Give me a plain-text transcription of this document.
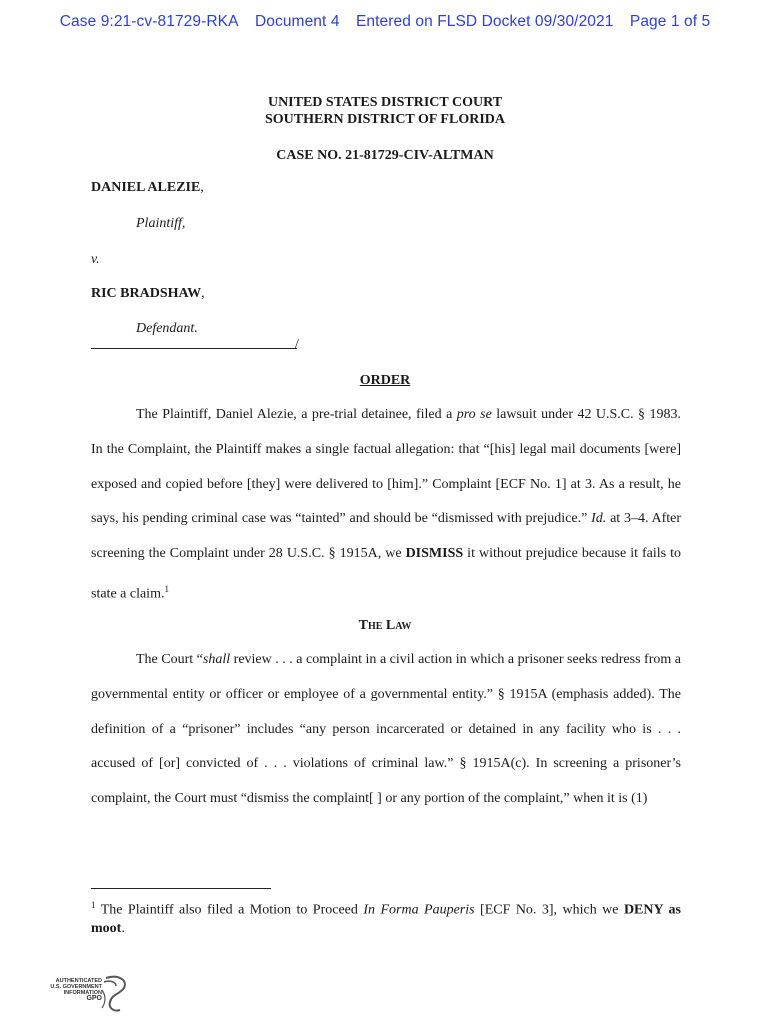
Case 9:21-cv-81729-RKA Document 4 Entered on FLSD Docket 09/30/2021 Page 1 of 5
UNITED STATES DISTRICT COURT
SOUTHERN DISTRICT OF FLORIDA
CASE NO. 21-81729-CIV-ALTMAN
DANIEL ALEZIE,
Plaintiff,
v.
RIC BRADSHAW,
Defendant.
/
ORDER

The Plaintiff, Daniel Alezie, a pre-trial detainee, filed a pro se lawsuit under 42 U.S.C. § 1983. In the Complaint, the Plaintiff makes a single factual allegation: that “[his] legal mail documents [were] exposed and copied before [they] were delivered to [him].” Complaint [ECF No. 1] at 3. As a result, he says, his pending criminal case was “tainted” and should be “dismissed with prejudice.” Id. at 3–4. After screening the Complaint under 28 U.S.C. § 1915A, we DISMISS it without prejudice because it fails to state a claim.$^1$

The Law

The Court “shall review . . . a complaint in a civil action in which a prisoner seeks redress from a governmental entity or officer or employee of a governmental entity.” § 1915A (emphasis added). The definition of a “prisoner” includes “any person incarcerated or detained in any facility who is . . . accused of [or] convicted of . . . violations of criminal law.” § 1915A(c). In screening a prisoner’s complaint, the Court must “dismiss the complaint[ ] or any portion of the complaint,” when it is (1)

$^1$ The Plaintiff also filed a Motion to Proceed In Forma Pauperis [ECF No. 3], which we DENY as moot.
AUTHENTICATED
U.S. GOVERNMENT
INFORMATION
GPO
